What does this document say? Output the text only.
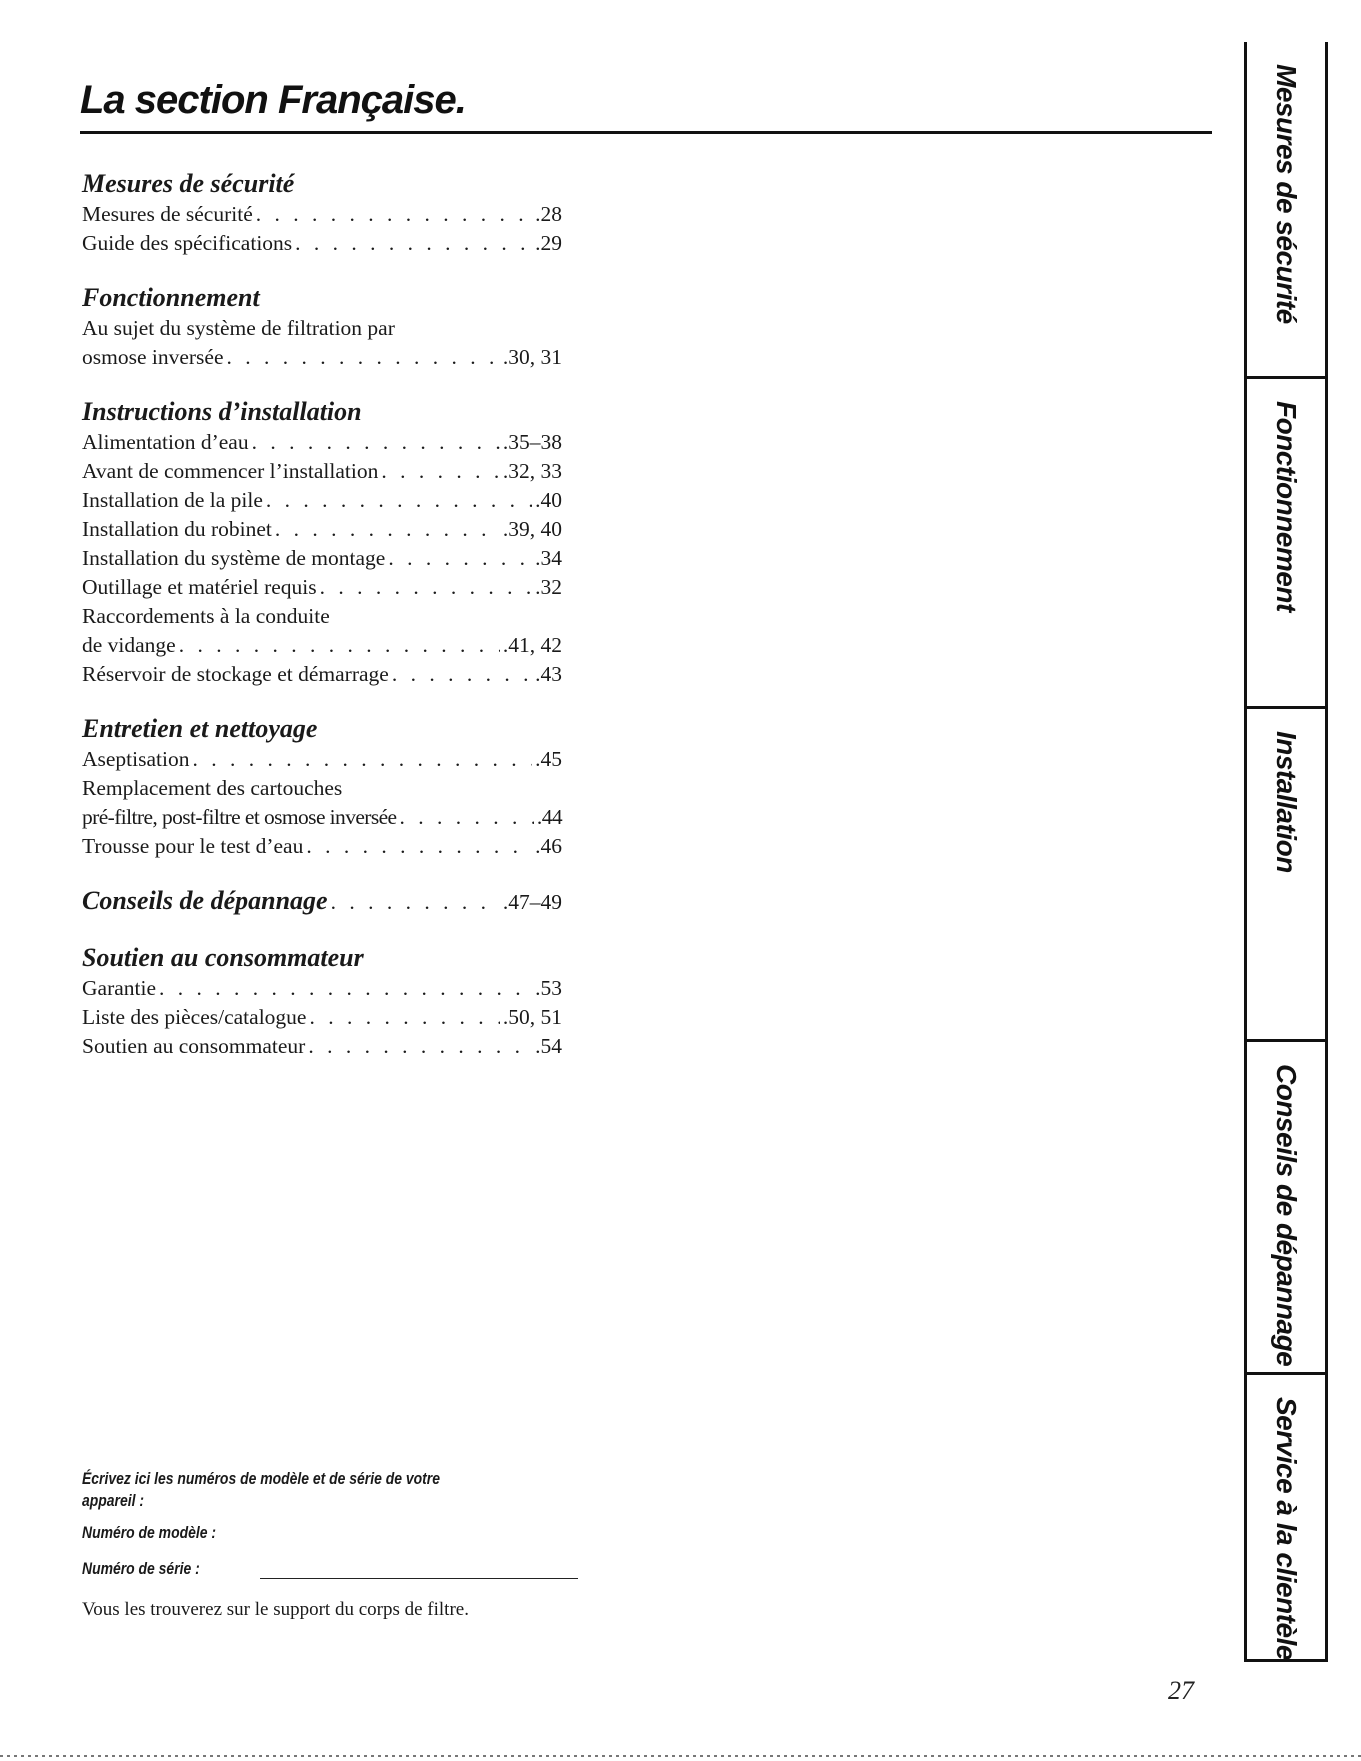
La section Française.
Mesures de sécurité
Mesures de sécurité . . .	.28
Guide des spécifications . . .	.29
Fonctionnement
Au sujet du système de filtration par
osmose inversée . . .	.30, 31
Instructions d’installation
Alimentation d’eau . . .	.35–38
Avant de commencer l’installation . . .	.32, 33
Installation de la pile . . .	.40
Installation du robinet . . .	.39, 40
Installation du système de montage . . .	.34
Outillage et matériel requis . . .	.32
Raccordements à la conduite
de vidange . . .	.41, 42
Réservoir de stockage et démarrage . . .	.43
Entretien et nettoyage
Aseptisation . . .	.45
Remplacement des cartouches
pré-filtre, post-filtre et osmose inversée . . .	.44
Trousse pour le test d’eau . . .	.46
Conseils de dépannage . . .	.47–49
Soutien au consommateur
Garantie . . .	.53
Liste des pièces/catalogue . . .	.50, 51
Soutien au consommateur . . .	.54
Écrivez ici les numéros de modèle et de série de votre
appareil :
Numéro de modèle :
Numéro de série :
Vous les trouverez sur le support du corps de filtre.
27
Mesures de sécurité
Fonctionnement
Installation
Conseils de dépannage
Service à la clientèle
